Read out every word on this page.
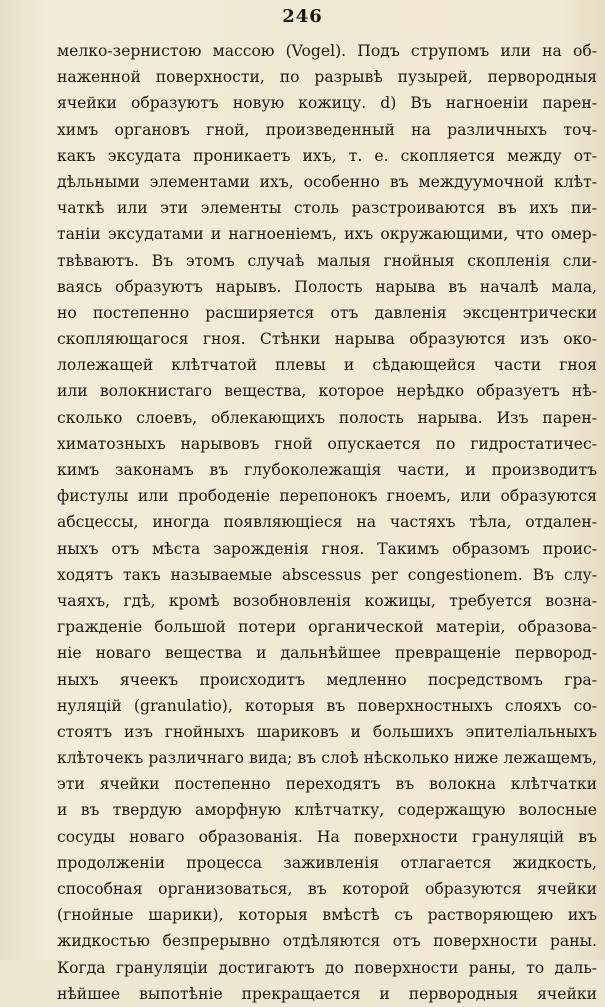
246
мелко-зернистою массою (Vogel). Подъ струпомъ или на об-
наженной поверхности, по разрывѣ пузырей, первородныя
ячейки образуютъ новую кожицу. d) Въ нагноеніи парен-
химъ органовъ гной, произведенный на различныхъ точ-
какъ эксудата проникаетъ ихъ, т. е. скопляется между от-
дѣльными элементами ихъ, особенно въ междуумочной клѣт-
чаткѣ или эти элементы столь разстроиваются въ ихъ пи-
таніи эксудатами и нагноеніемъ, ихъ окружающими, что омер-
твѣваютъ. Въ этомъ случаѣ малыя гнойныя скопленія сли-
ваясь образуютъ нарывъ. Полость нарыва въ началѣ мала,
но постепенно расширяется отъ давленія эксцентрически
скопляющагося гноя. Стѣнки нарыва образуются изъ око-
лолежащей клѣтчатой плевы и сѣдающейся части гноя
или волокнистаго вещества, которое нерѣдко образуетъ нѣ-
сколько слоевъ, облекающихъ полость нарыва. Изъ парен-
химатозныхъ нарывовъ гной опускается по гидростатичес-
кимъ законамъ въ глубоколежащія части, и производитъ
фистулы или прободеніе перепонокъ гноемъ, или образуются
абсцессы, иногда появляющіеся на частяхъ тѣла, отдален-
ныхъ отъ мѣста зарожденія гноя. Такимъ образомъ проис-
ходятъ такъ называемые abscessus per congestionem. Въ слу-
чаяхъ, гдѣ, кромѣ возобновленія кожицы, требуется возна-
гражденіе большой потери органической матеріи, образова-
ніе новаго вещества и дальнѣйшее превращеніе первород-
ныхъ ячеекъ происходитъ медленно посредствомъ гра-
нуляцій (granulatio), которыя въ поверхностныхъ слояхъ со-
стоятъ изъ гнойныхъ шариковъ и большихъ эпителіальныхъ
клѣточекъ различнаго вида; въ слоѣ нѣсколько ниже лежащемъ,
эти ячейки постепенно переходятъ въ волокна клѣтчатки
и въ твердую аморфную клѣтчатку, содержащую волосные
сосуды новаго образованія. На поверхности грануляцій въ
продолженіи процесса заживленія отлагается жидкость,
способная организоваться, въ которой образуются ячейки
(гнойные шарики), которыя вмѣстѣ съ растворяющею ихъ
жидкостью безпрерывно отдѣляются отъ поверхности раны.
Когда грануляціи достигаютъ до поверхности раны, то даль-
нѣйшее выпотѣніе прекращается и первородныя ячейки
